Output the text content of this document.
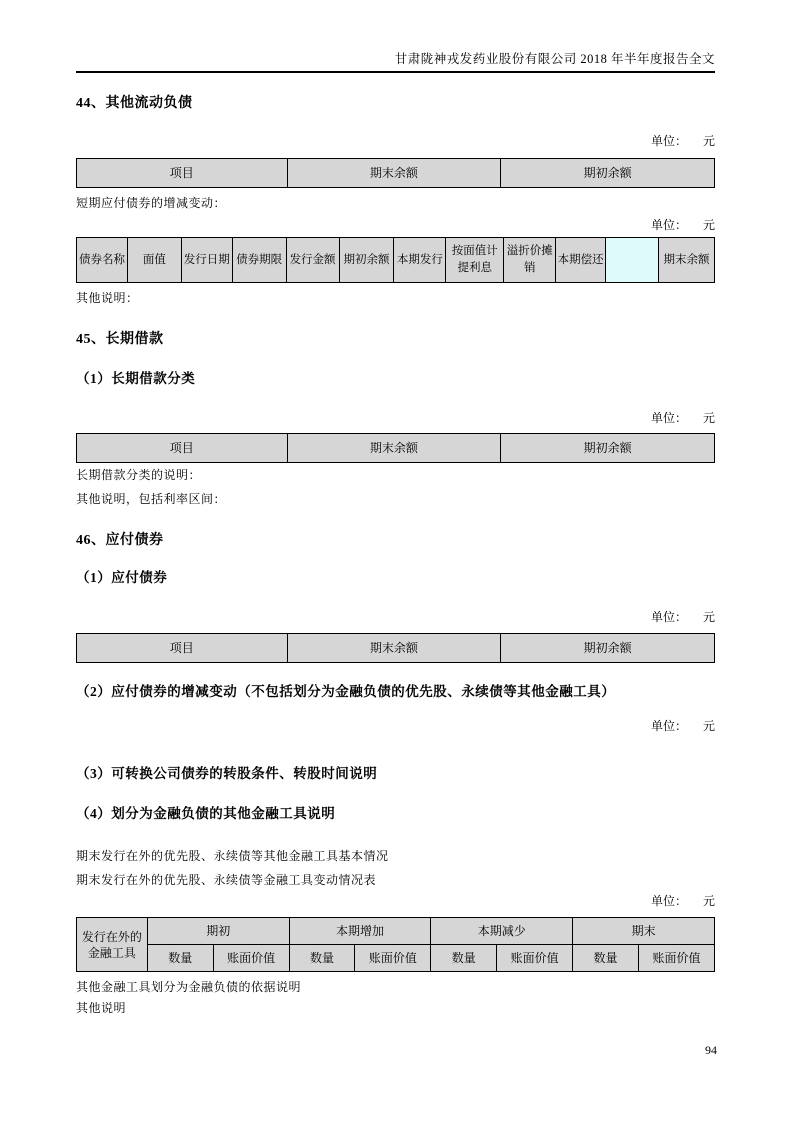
甘肃陇神戎发药业股份有限公司 2018 年半年度报告全文
44、其他流动负债
单位： 元
项目	期末余额	期初余额
短期应付债券的增减变动：
单位： 元
债券名称	面值	发行日期	债券期限	发行金额	期初余额	本期发行	按面值计提利息	溢折价摊销	本期偿还		期末余额
其他说明：
45、长期借款
（1）长期借款分类
单位： 元
项目	期末余额	期初余额
长期借款分类的说明：
其他说明，包括利率区间：
46、应付债券
（1）应付债券
单位： 元
项目	期末余额	期初余额
（2）应付债券的增减变动（不包括划分为金融负债的优先股、永续债等其他金融工具）
单位： 元
（3）可转换公司债券的转股条件、转股时间说明
（4）划分为金融负债的其他金融工具说明
期末发行在外的优先股、永续债等其他金融工具基本情况
期末发行在外的优先股、永续债等金融工具变动情况表
单位： 元
发行在外的金融工具	期初		本期增加		本期减少		期末	
	数量	账面价值	数量	账面价值	数量	账面价值	数量	账面价值
其他金融工具划分为金融负债的依据说明
其他说明
94
